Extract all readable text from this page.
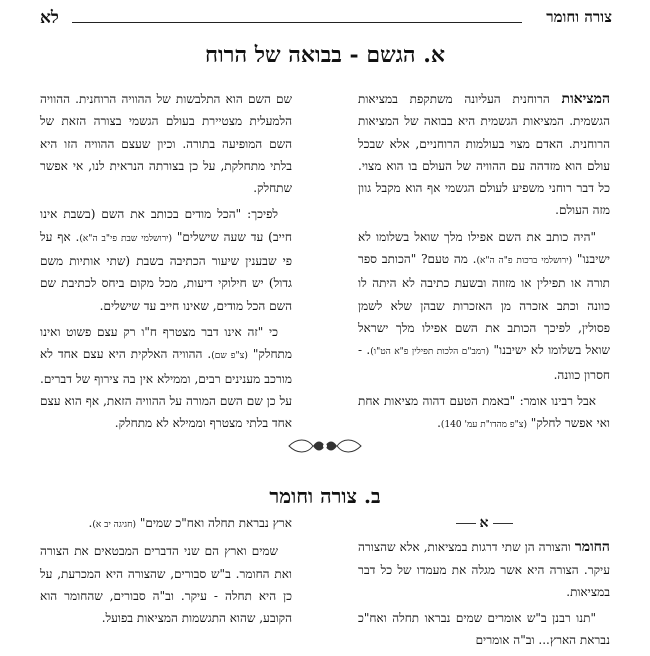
צורה וחומר
לא
א. הגשם - בבואה של הרוח

המציאות הרוחנית העליונה משתקפת במציאות הגשמית. המציאות הגשמית היא בבואה של המציאות הרוחנית. האדם מצוי בעולמות הרוחניים, אלא שבכל עולם הוא מזדהה עם ההוויה של העולם בו הוא מצוי. כל דבר רוחני משפיע לעולם הגשמי אף הוא מקבל גוון מזה העולם.

"היה כותב את השם אפילו מלך שואל בשלומו לא ישיבנו" (ירושלמי ברכות פ"ה ה"א). מה טעם? "הכותב ספר תורה או תפילין או מזוזה ובשעת כתיבה לא היתה לו כוונה וכתב אזכרה מן האזכרות שבהן שלא לשמן פסולין, לפיכך הכותב את השם אפילו מלך ישראל שואל בשלומו לא ישיבנו" (רמב"ם הלכות תפילין פ"א הט"ו). - חסרון כוונה.

אבל רבינו אומר: "באמת הטעם דהוה מציאות אחת ואי אפשר לחלק" (צ"פ מהדו"ת עמ' 140).

שם השם הוא התלבשות של ההוויה הרוחנית. ההוויה הלמעלית מצטיירת בעולם הגשמי בצורה הזאת של השם המופיעה בתורה. וכיון שעצם ההוויה הזו היא בלתי מתחלקת, על כן בצורתה הנראית לנו, אי אפשר שתחלק.

לפיכך: "הכל מודים בכותב את השם (בשבת אינו חייב) עד שעה שישלים" (ירושלמי שבת פי"ב ה"א). אף על פי שבענין שיעור הכתיבה בשבת (שתי אותיות משם גדול) יש חילוקי דיעות, מכל מקום ביחס לכתיבת שם השם הכל מודים, שאינו חייב עד שישלים.

כי "זה אינו דבר מצטרף ח"ו רק עצם פשוט ואינו מתחלק" (צ"פ שם). ההוויה האלקית היא עצם אחד לא מורכב מענינים רבים, וממילא אין בה צירוף של דברים. על כן שם השם המורה על ההוויה הזאת, אף הוא עצם אחד בלתי מצטרף וממילא לא מתחלק.

ב. צורה וחומר
א

החומר והצורה הן שתי דרגות במציאות, אלא שהצורה עיקר. הצורה היא אשר מגלה את מעמדו של כל דבר במציאות.

"תנו רבנן ב"ש אומרים שמים נבראו תחלה ואח"כ נבראת הארץ... וב"ה אומרים

ארץ נבראת תחלה ואח"כ שמים" (חגיגה יב א).

שמים וארץ הם שני הדברים המבטאים את הצורה ואת החומר. ב"ש סבורים, שהצורה היא המכרעת, על כן היא תחלה - עיקר. וב"ה סבורים, שהחומר הוא הקובע, שהוא התגשמות המציאות בפועל.
